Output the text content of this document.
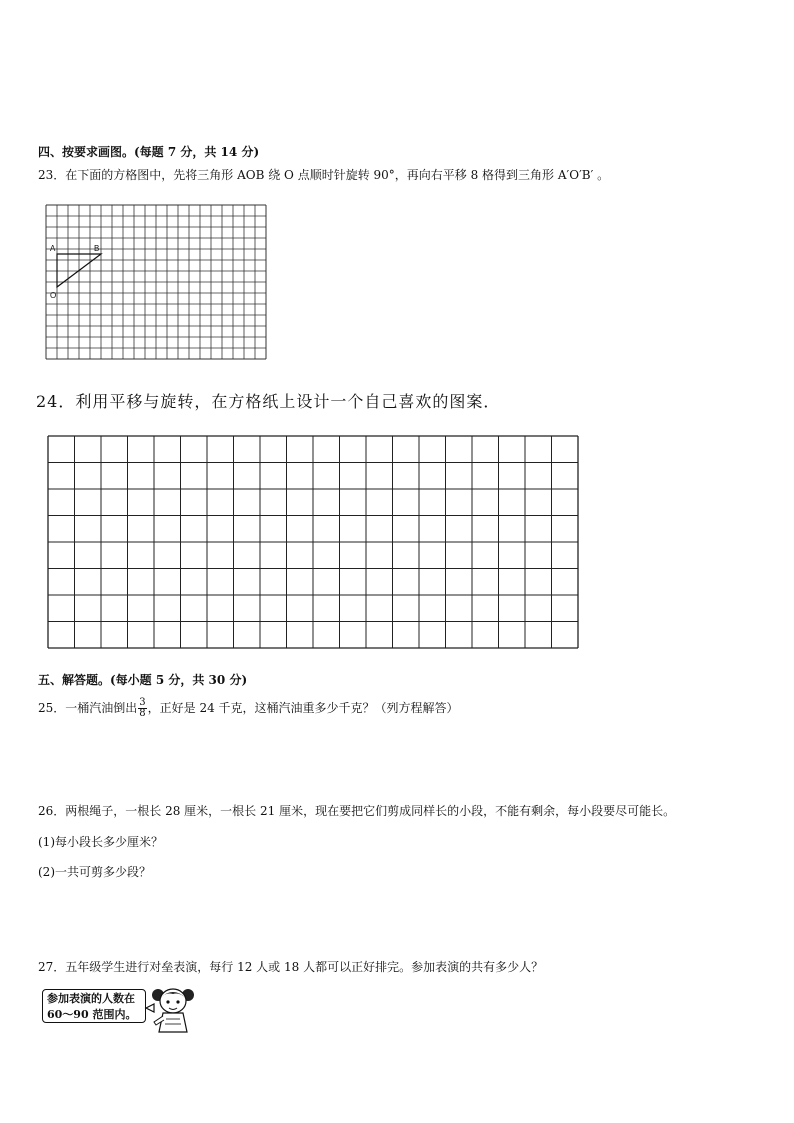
四、按要求画图。(每题 7 分，共 14 分)
23．在下面的方格图中，先将三角形 AOB 绕 O 点顺时针旋转 90°，再向右平移 8 格得到三角形 A′O′B′ 。
A	B
O
24．利用平移与旋转，在方格纸上设计一个自己喜欢的图案．
五、解答题。(每小题 5 分，共 30 分)
25．一桶汽油倒出 $\frac{3}{8}$ ，正好是 24 千克，这桶汽油重多少千克？（列方程解答）
26．两根绳子，一根长 28 厘米，一根长 21 厘米，现在要把它们剪成同样长的小段，不能有剩余，每小段要尽可能长。
(1)每小段长多少厘米？
(2)一共可剪多少段？
27．五年级学生进行对垒表演，每行 12 人或 18 人都可以正好排完。参加表演的共有多少人？
参加表演的人数在
60～90 范围内。
